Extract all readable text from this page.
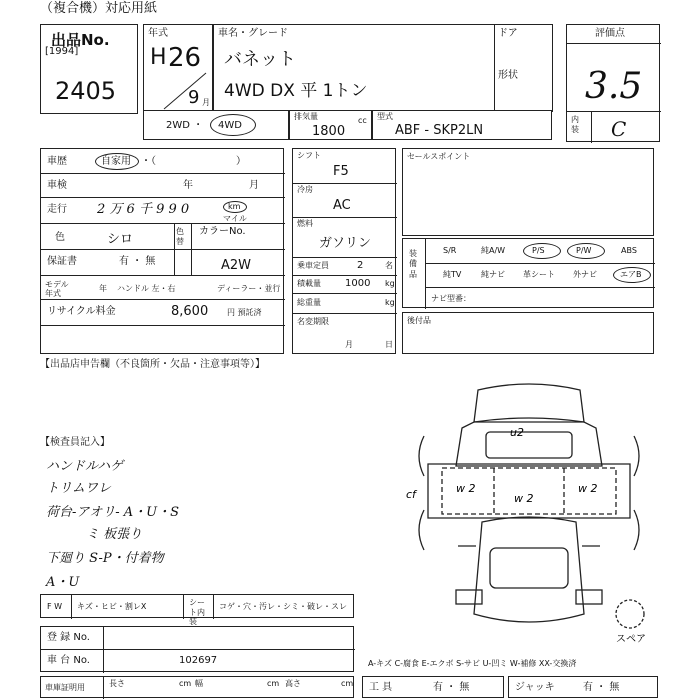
（複合機）対応用紙
出品No.
[1994]
2405
年式
H 26
9 月
車名・グレード
バネット
4WD DX 平 1トン
ドア
形状
評価点
3.5
内装 C
2WD ・ 4WD
排気量
1800
cc 型式
ABF - SKP2LN
車歴	自家用 ・（　　　　　　　　）
車検	年	月
走行 2 万 6 千 9 9 0	km
マイル
色	シロ
色替
カラーNo.
A2W
保証書	有 ・ 無
モデル年式
年 ハンドル 左・右	ディーラー・並行
リサイクル料金	8,600 円 預託済
【出品店申告欄（不良箇所・欠品・注意事項等）】
シフト
F5
冷房
AC
燃料
ガソリン
乗車定員	2	名
積載量 1000 kg
総重量	kg
名変期限
月	日
セールスポイント
装備品
S/R	純A/W	P/S	P/W	ABS
純TV 純ナビ 革シート 外ナビ	エアB
ナビ型番：
後付品
【検査員記入】
ハンドルハゲ
トリムワレ
荷台-アオリ- A・U・S
ミ 板張り
下廻り S-P・付着物
A・U
u2
w 2
w 2
w 2
cf
スペア
F W キズ・ヒビ・割レX	シート内装
コゲ・穴・汚レ・シミ・破レ・スレ
登 録 No.
車 台 No.	102697
車庫証明用	長さ	cm 幅	cm 高さ	cm
A-キズ C-腐食 E-エクボ S-サビ U-凹ミ W-補修 XX-交換済
工 具	有 ・ 無	ジャッキ	有 ・ 無
